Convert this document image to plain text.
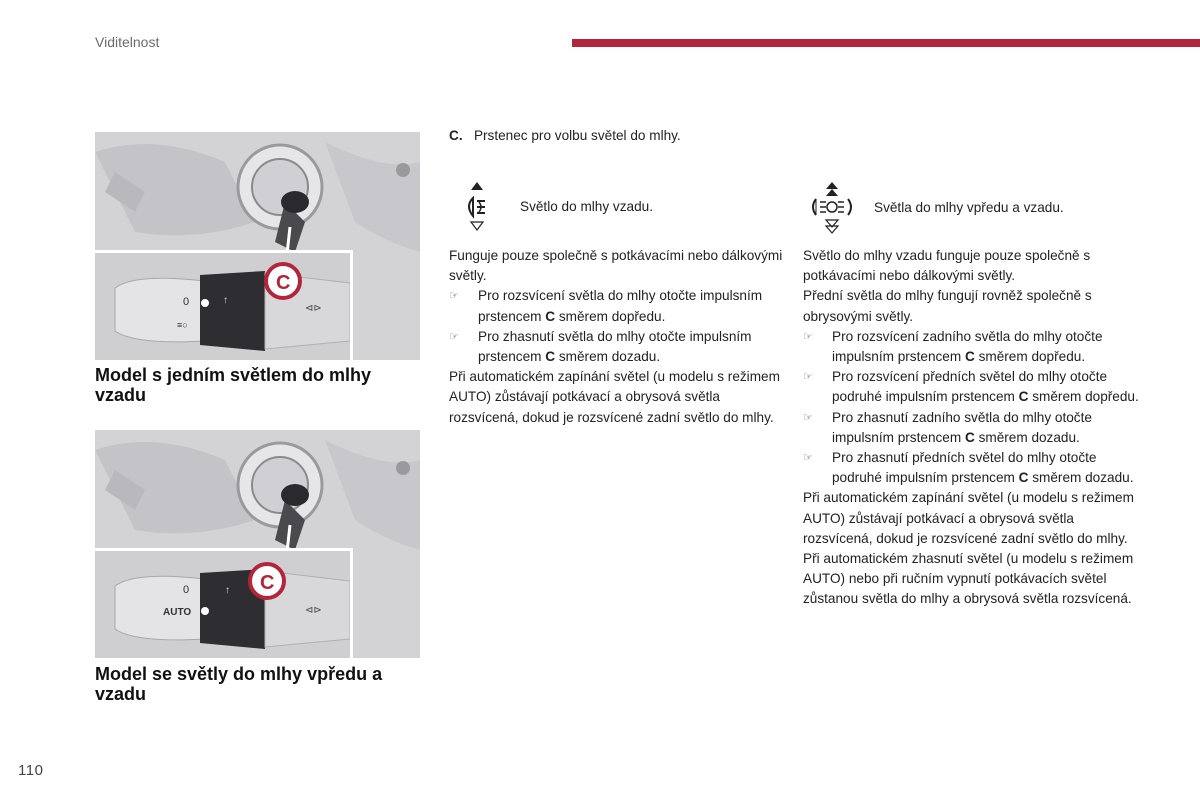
Viditelnost
0
≡○
↑
⊲⊳
C
Model s jedním světlem do mlhy vzadu
0
AUTO
↑
⊲⊳
C
Model se světly do mlhy vpředu a vzadu
C. Prstenec pro volbu světel do mlhy.
Světlo do mlhy vzadu.	Světla do mlhy vpředu a vzadu.

Funguje pouze společně s potkávacími nebo dálkovými světly.

☞ Pro rozsvícení světla do mlhy otočte impulsním prstencem C směrem dopředu.

☞ Pro zhasnutí světla do mlhy otočte impulsním prstencem C směrem dozadu.

Při automatickém zapínání světel (u modelu s režimem AUTO) zůstávají potkávací a obrysová světla rozsvícená, dokud je rozsvícené zadní světlo do mlhy.

Světlo do mlhy vzadu funguje pouze společně s potkávacími nebo dálkovými světly.

Přední světla do mlhy fungují rovněž společně s obrysovými světly.

☞ Pro rozsvícení zadního světla do mlhy otočte impulsním prstencem C směrem dopředu.

☞ Pro rozsvícení předních světel do mlhy otočte podruhé impulsním prstencem C směrem dopředu.

☞ Pro zhasnutí zadního světla do mlhy otočte impulsním prstencem C směrem dozadu.

☞ Pro zhasnutí předních světel do mlhy otočte podruhé impulsním prstencem C směrem dozadu.

Při automatickém zapínání světel (u modelu s režimem AUTO) zůstávají potkávací a obrysová světla rozsvícená, dokud je rozsvícené zadní světlo do mlhy.

Při automatickém zhasnutí světel (u modelu s režimem AUTO) nebo při ručním vypnutí potkávacích světel zůstanou světla do mlhy a obrysová světla rozsvícená.

110
